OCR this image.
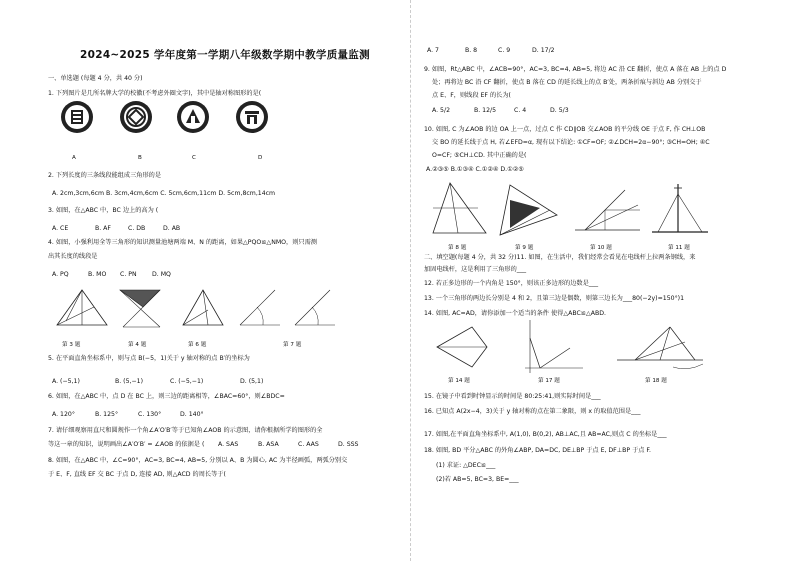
2024~2025 学年度第一学期八年级数学期中教学质量监测
一、单选题 (每题 4 分，共 40 分)
1. 下列图片是几所名牌大学的校徽(不考虑外圈文字)，其中是轴对称图形的是(
A	B	C	D
2. 下列长度的三条线段能组成三角形的是
A. 2cm,3cm,6cm B. 3cm,4cm,6cm C. 5cm,6cm,11cm D. 5cm,8cm,14cm
3. 如图，在△ABC 中，BC 边上的高为 (
A. CE	B. AF	C. DB	D. AB
4. 如图，小强利用全等三角形的知识测量池塘两端 M、N 的距离，如果△PQO≌△NMO，则只需测
出其长度的线段是
A. PQ	B. MO C. PN D. MQ
第 3 题	第 4 题	第 6 题	第 7 题
5. 在平面直角坐标系中，则与点 B(−5，1)关于 y 轴对称的点 B′的坐标为
A. (−5,1)	B. (5,−1)	C. (−5,−1)	D. (5,1)
6. 如图，在△ABC 中，点 D 在 BC 上，则三边的距离相等，∠BAC=60°，则∠BDC=
A. 120°	B. 125°	C. 130°	D. 140°
7. 请仔细观察用直尺和圆规作一个角∠A′O′B′等于已知角∠AOB 的示意图，请你根据所学的图形的全
等这一章的知识，说明画出∠A′O′B′ = ∠AOB 的依据是 ( A. SAS	B. ASA	C. AAS	D. SSS
8. 如图，在△ABC 中，∠C=90°，AC=3, BC=4, AB=5, 分别以 A、B 为圆心, AC 为半径画弧，两弧分别交
于 E、F, 直线 EF 交 BC 于点 D, 连接 AD, 则△ACD 的周长等于(
A. 7	B. 8	C. 9	D. 17/2
9. 如图，Rt△ABC 中，∠ACB=90°，AC=3, BC=4, AB=5, 将边 AC 沿 CE 翻折，使点 A 落在 AB 上的点 D
处；再将边 BC 沿 CF 翻折，使点 B 落在 CD 的延长线上的点 B′处，两条折痕与斜边 AB 分别交于
点 E、F，则线段 EF 的长为(
A. 5/2	B. 12/5	C. 4	D. 5/3
10. 如图, C 为∠AOB 的边 OA 上一点，过点 C 作 CD∥OB 交∠AOB 的平分线 OE 于点 F, 作 CH⊥OB
交 BO 的延长线于点 H, 若∠EFD=α, 现有以下结论: ①CF=OF; ②∠DCH=2α−90°; ③CH=OH; ④C
O=CF; ⑤CH⊥CD. 其中正确的是(
A.②③⑤ B.①③④ C.①②④ D.①②⑤
第 8 题	第 9 题	第 10 题	第 11 题
二、填空题(每题 4 分，共 32 分)11. 如图，在生活中，我们经常会看见在电线杆上拉两条钢线，来
加固电线杆，这是利用了三角形的___
12. 若正多边形的一个内角是 150°，则该正多边形的边数是___
13. 一个三角形的两边长分别是 4 和 2，且第三边是偶数，则第三边长为___80(−2y)=150°)1
14. 如图, AC=AD，请你添加一个适当的条件 使得△ABC≌△ABD.
第 14 题	第 17 题	第 18 题
15. 在镜子中看到时钟显示的时间是 80:25:41,则实际时间是___
16. 已知点 A(2x−4，3)关于 y 轴对称的点在第二象限，则 x 的取值范围是___
17. 如图,在平面直角坐标系中, A(1,0), B(0,2), AB⊥AC,且 AB=AC,则点 C 的坐标是___
18. 如图, BD 平分△ABC 的外角∠ABP, DA=DC, DE⊥BP 于点 E, DF⊥BP 于点 F.
(1) 求证: △DEC≌___
(2)若 AB=5, BC=3, BE=___
